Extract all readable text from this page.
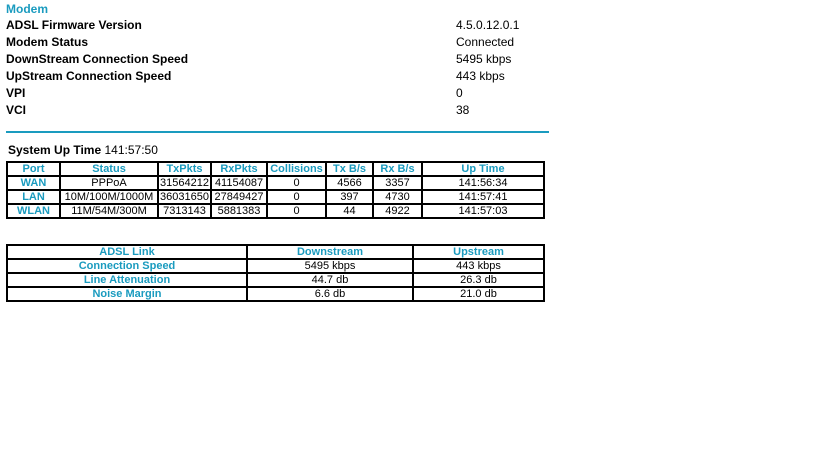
Modem
ADSL Firmware Version	4.5.0.12.0.1
Modem Status	Connected
DownStream Connection Speed	5495 kbps
UpStream Connection Speed	443 kbps
VPI	0
VCI	38
System Up Time 141:57:50
Port	Status	TxPkts	RxPkts	Collisions	Tx B/s	Rx B/s	Up Time
WAN	PPPoA	31564212	41154087	0	4566	3357	141:56:34
LAN	10M/100M/1000M	36031650	27849427	0	397	4730	141:57:41
WLAN	11M/54M/300M	7313143	5881383	0	44	4922	141:57:03
ADSL Link	Downstream	Upstream
Connection Speed	5495 kbps	443 kbps
Line Attenuation	44.7 db	26.3 db
Noise Margin	6.6 db	21.0 db
